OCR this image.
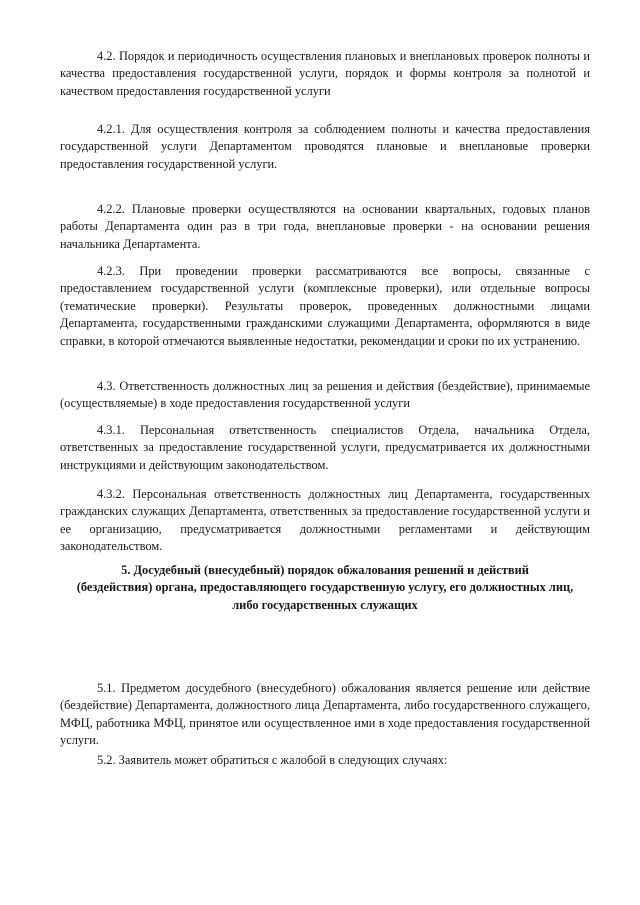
4.2. Порядок и периодичность осуществления плановых и внеплановых проверок полноты и качества предоставления государственной услуги, порядок и формы контроля за полнотой и качеством предоставления государственной услуги

4.2.1. Для осуществления контроля за соблюдением полноты и качества предоставления государственной услуги Департаментом проводятся плановые и внеплановые проверки предоставления государственной услуги.

4.2.2. Плановые проверки осуществляются на основании квартальных, годовых планов работы Департамента один раз в три года, внеплановые проверки - на основании решения начальника Департамента.

4.2.3. При проведении проверки рассматриваются все вопросы, связанные с предоставлением государственной услуги (комплексные проверки), или отдельные вопросы (тематические проверки). Результаты проверок, проведенных должностными лицами Департамента, государственными гражданскими служащими Департамента, оформляются в виде справки, в которой отмечаются выявленные недостатки, рекомендации и сроки по их устранению.

4.3. Ответственность должностных лиц за решения и действия (бездействие), принимаемые (осуществляемые) в ходе предоставления государственной услуги

4.3.1. Персональная ответственность специалистов Отдела, начальника Отдела, ответственных за предоставление государственной услуги, предусматривается их должностными инструкциями и действующим законодательством.

4.3.2. Персональная ответственность должностных лиц Департамента, государственных гражданских служащих Департамента, ответственных за предоставление государственной услуги и ее организацию, предусматривается должностными регламентами и действующим законодательством.

5. Досудебный (внесудебный) порядок обжалования решений и действий
(бездействия) органа, предоставляющего государственную услугу, его должностных лиц,
либо государственных служащих

5.1. Предметом досудебного (внесудебного) обжалования является решение или действие (бездействие) Департамента, должностного лица Департамента, либо государственного служащего, МФЦ, работника МФЦ, принятое или осуществленное ими в ходе предоставления государственной услуги.

5.2. Заявитель может обратиться с жалобой в следующих случаях:
